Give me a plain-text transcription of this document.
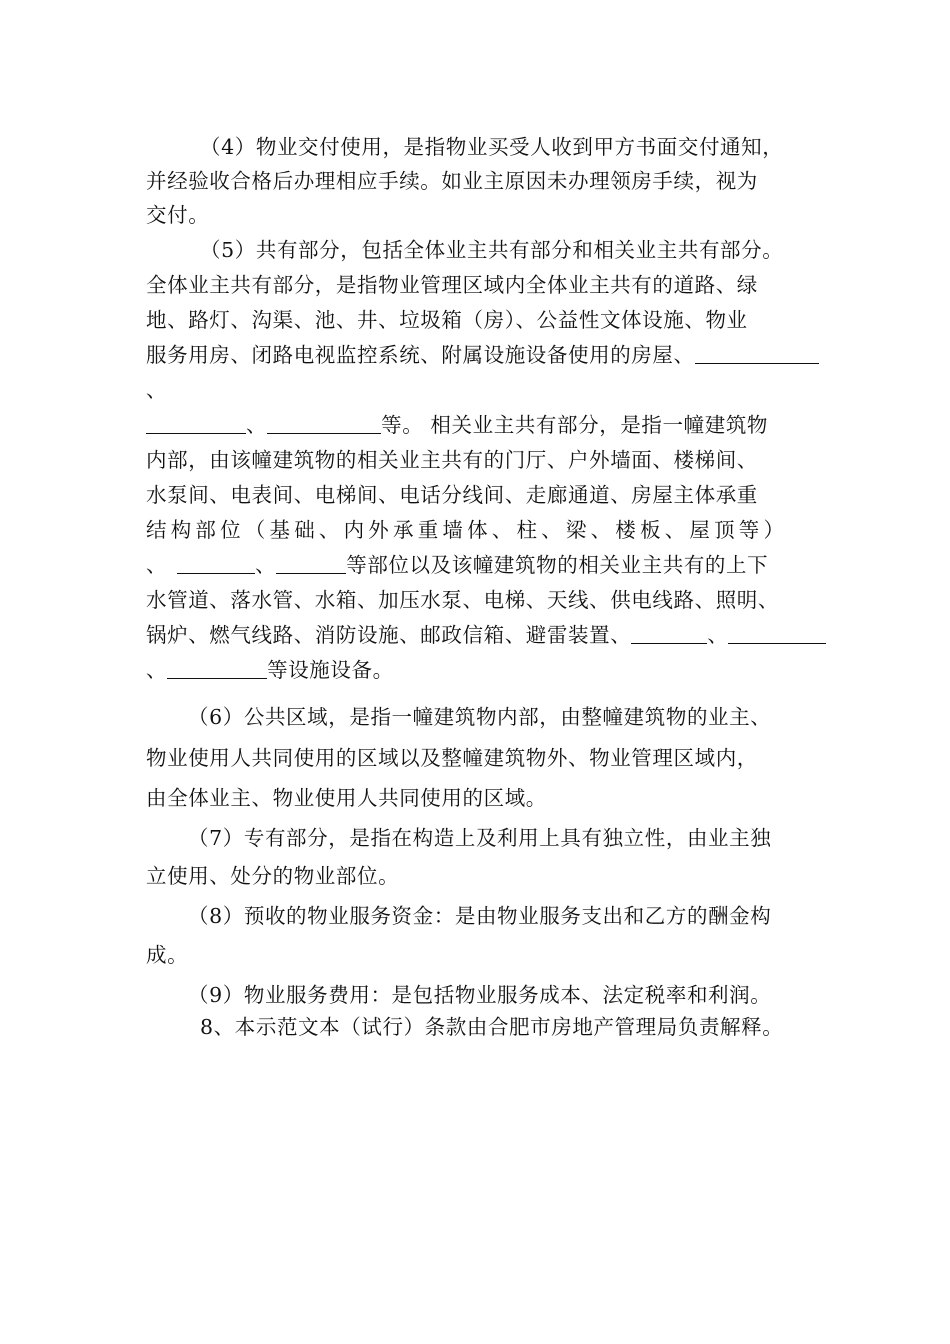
（4）物业交付使用，是指物业买受人收到甲方书面交付通知，

并经验收合格后办理相应手续。如业主原因未办理领房手续，视为

交付。

（5）共有部分，包括全体业主共有部分和相关业主共有部分。

全体业主共有部分，是指物业管理区域内全体业主共有的道路、绿

地、路灯、沟渠、池、井、垃圾箱（房）、公益性文体设施、物业

服务用房、闭路电视监控系统、附属设施设备使用的房屋、

、

、	等。 相关业主共有部分，是指一幢建筑物

内部，由该幢建筑物的相关业主共有的门厅、户外墙面、楼梯间、

水泵间、电表间、电梯间、电话分线间、走廊通道、房屋主体承重

结构部位（基础、内外承重墙体、柱、梁、楼板、屋顶等）

、	、	等部位以及该幢建筑物的相关业主共有的上下

水管道、落水管、水箱、加压水泵、电梯、天线、供电线路、照明、

锅炉、燃气线路、消防设施、邮政信箱、避雷装置、	、

、	等设施设备。

（6）公共区域，是指一幢建筑物内部，由整幢建筑物的业主、

物业使用人共同使用的区域以及整幢建筑物外、物业管理区域内，

由全体业主、物业使用人共同使用的区域。

（7）专有部分，是指在构造上及利用上具有独立性，由业主独

立使用、处分的物业部位。

（8）预收的物业服务资金：是由物业服务支出和乙方的酬金构

成。

（9）物业服务费用：是包括物业服务成本、法定税率和利润。

8、本示范文本（试行）条款由合肥市房地产管理局负责解释。
